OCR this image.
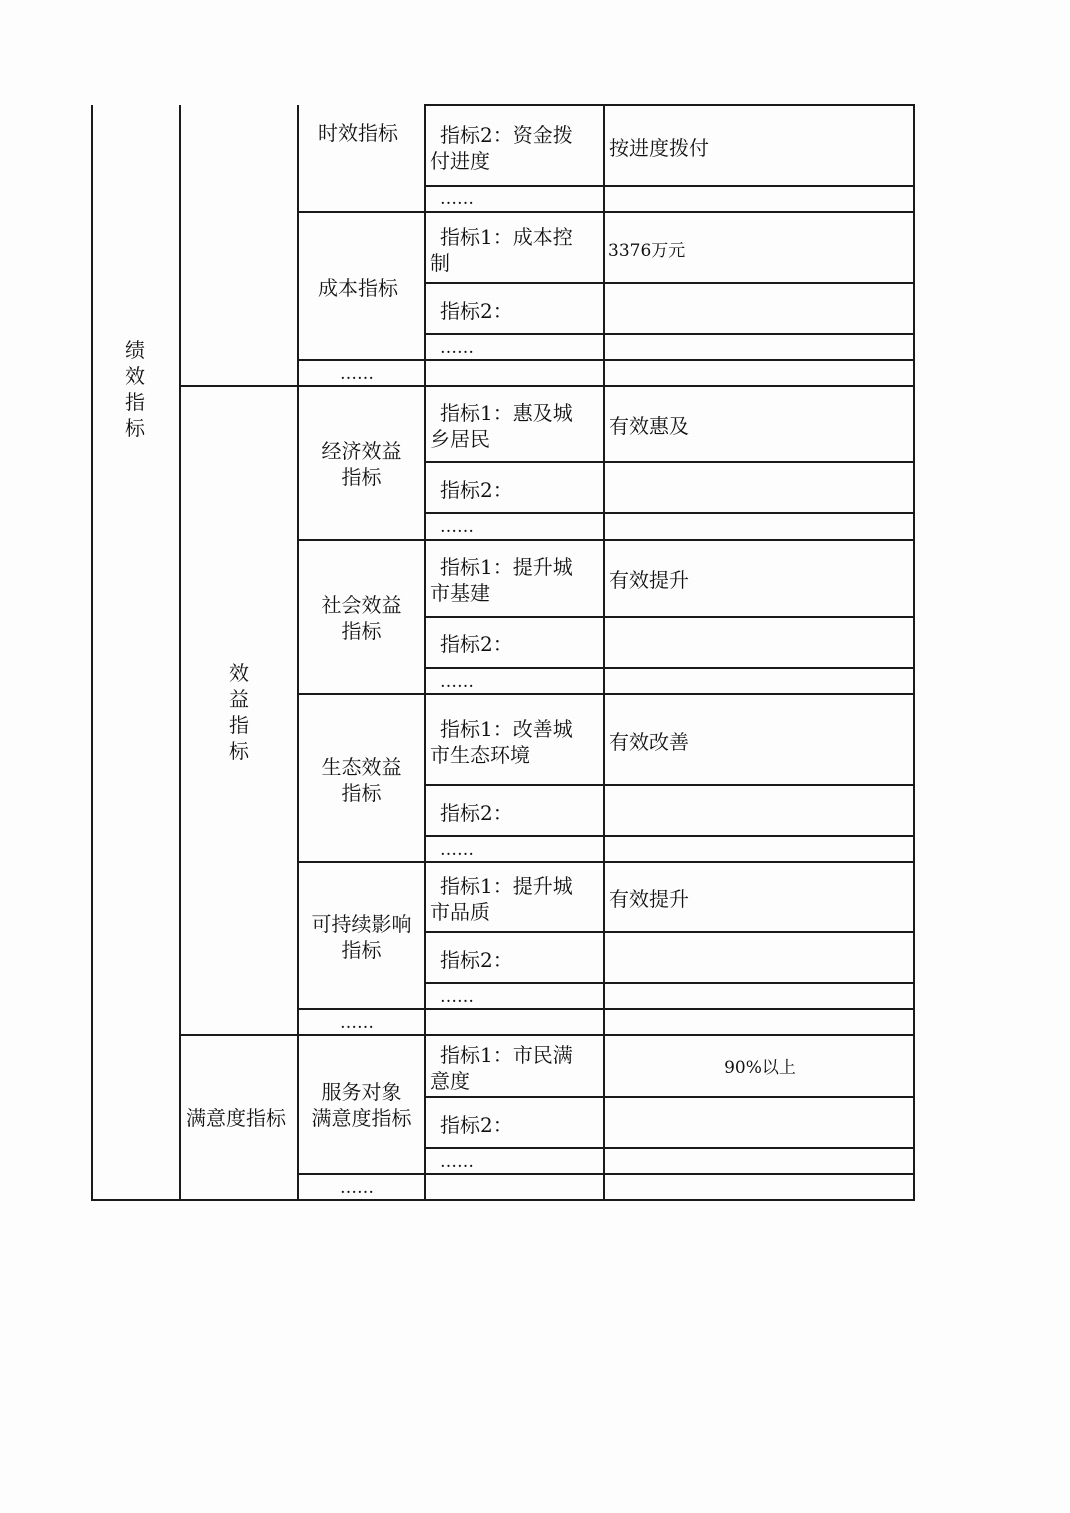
绩
效
指
标
效
益
指
标
满意度指标
时效指标 指标2：资金拨
付进度
按进度拨付
……
成本指标
指标1：成本控
制	3376万元
指标2：
……
……
经济效益
指标
指标1：惠及城
乡居民
有效惠及
指标2：
……
社会效益
指标
指标1：提升城
市基建
有效提升
指标2：
……
生态效益
指标
指标1：改善城
市生态环境
有效改善
指标2：
……
可持续影响
指标
指标1：提升城
市品质
有效提升
指标2：
……
……
服务对象
满意度指标
指标1：市民满
意度
90%以上
指标2：
……
……
